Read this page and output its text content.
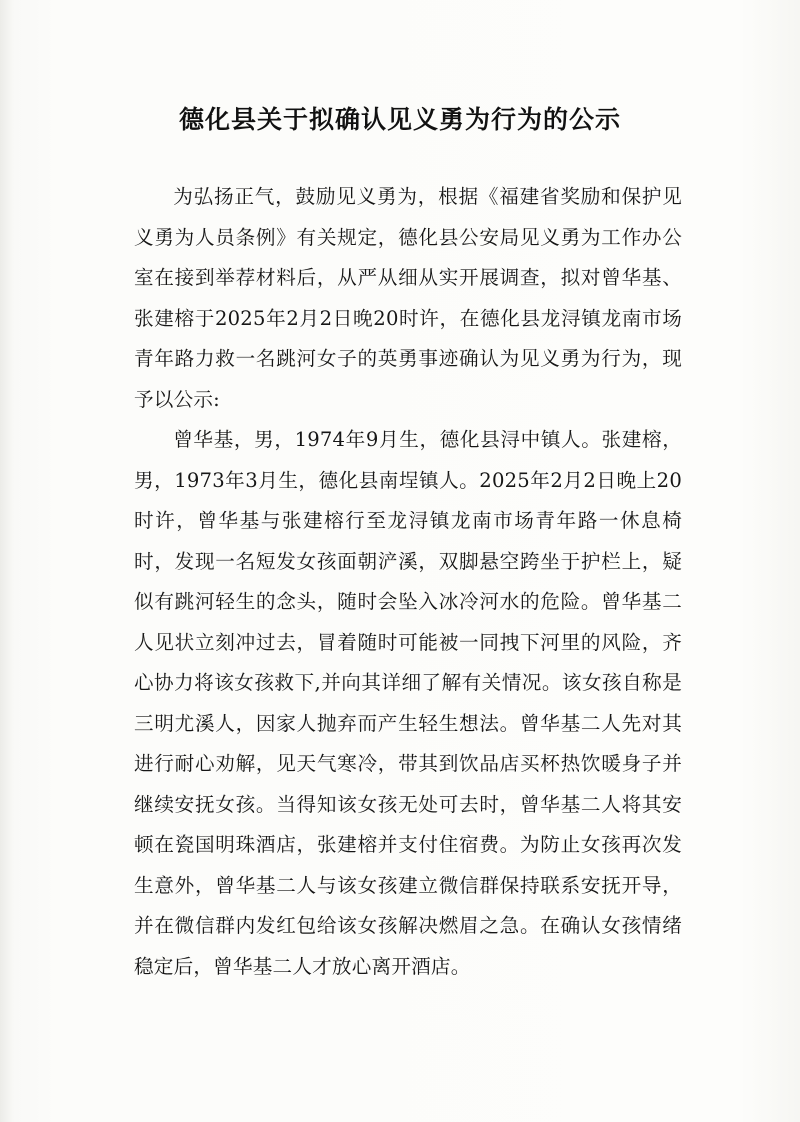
德化县关于拟确认见义勇为行为的公示

为弘扬正气，鼓励见义勇为，根据《福建省奖励和保护见义勇为人员条例》有关规定，德化县公安局见义勇为工作办公室在接到举荐材料后，从严从细从实开展调查，拟对曾华基、张建榕于2025年2月2日晚20时许，在德化县龙浔镇龙南市场青年路力救一名跳河女子的英勇事迹确认为见义勇为行为，现予以公示:

曾华基，男，1974年9月生，德化县浔中镇人。张建榕，男，1973年3月生，德化县南埕镇人。2025年2月2日晚上20时许，曾华基与张建榕行至龙浔镇龙南市场青年路一休息椅时，发现一名短发女孩面朝浐溪，双脚悬空跨坐于护栏上，疑似有跳河轻生的念头，随时会坠入冰冷河水的危险。曾华基二人见状立刻冲过去，冒着随时可能被一同拽下河里的风险，齐心协力将该女孩救下,并向其详细了解有关情况。该女孩自称是三明尤溪人，因家人抛弃而产生轻生想法。曾华基二人先对其进行耐心劝解，见天气寒冷，带其到饮品店买杯热饮暖身子并继续安抚女孩。当得知该女孩无处可去时，曾华基二人将其安顿在瓷国明珠酒店，张建榕并支付住宿费。为防止女孩再次发生意外，曾华基二人与该女孩建立微信群保持联系安抚开导，并在微信群内发红包给该女孩解决燃眉之急。在确认女孩情绪稳定后，曾华基二人才放心离开酒店。
